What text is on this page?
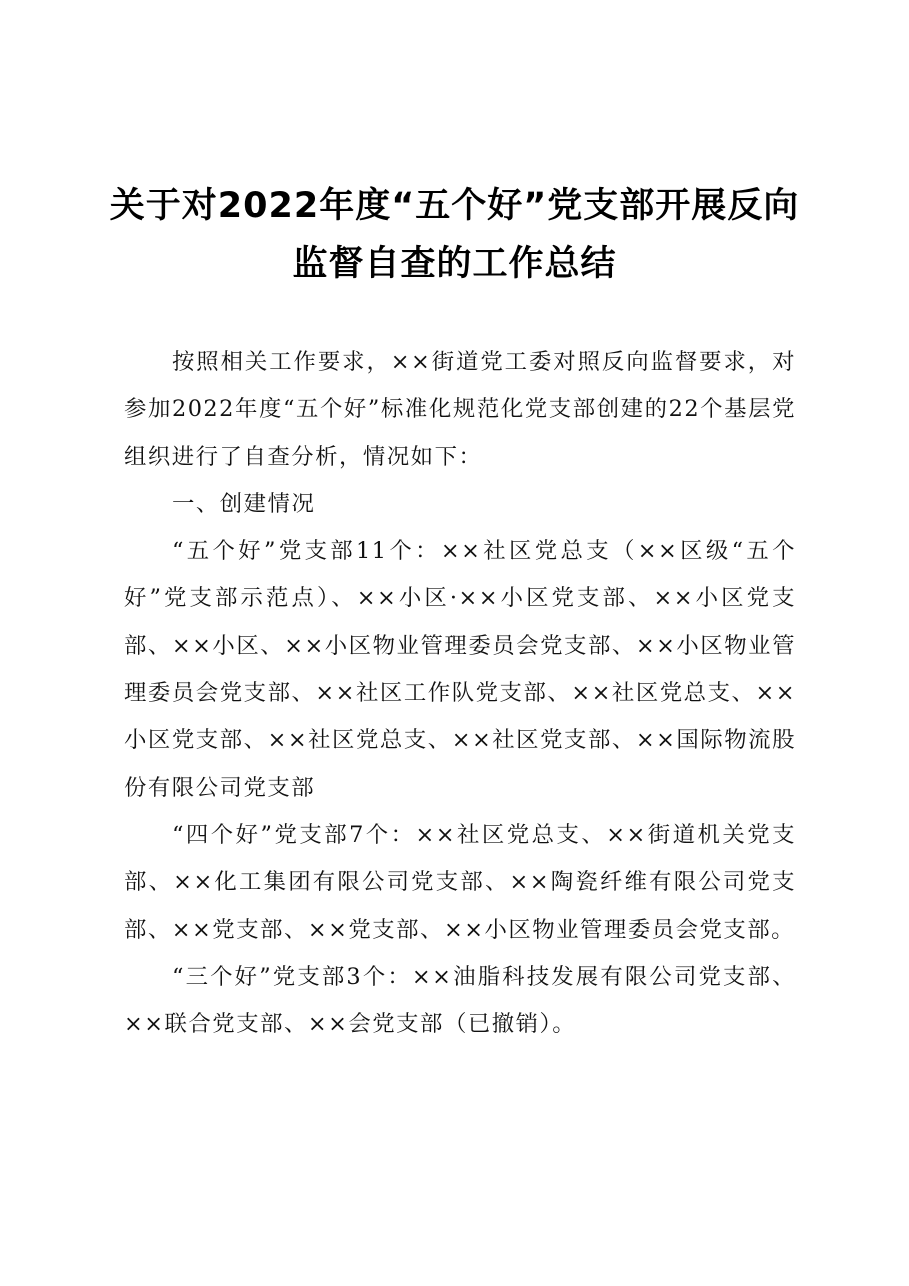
关于对2022年度“五个好”党支部开展反向
监督自查的工作总结

按照相关工作要求，××街道党工委对照反向监督要求，对参加2022年度“五个好”标准化规范化党支部创建的22个基层党组织进行了自查分析，情况如下：

一、创建情况

“五个好”党支部11个：××社区党总支（××区级“五个好”党支部示范点）、××小区·××小区党支部、××小区党支部、××小区、××小区物业管理委员会党支部、××小区物业管理委员会党支部、××社区工作队党支部、××社区党总支、××小区党支部、××社区党总支、××社区党支部、××国际物流股份有限公司党支部

“四个好”党支部7个：××社区党总支、××街道机关党支部、××化工集团有限公司党支部、××陶瓷纤维有限公司党支部、××党支部、××党支部、××小区物业管理委员会党支部。

“三个好”党支部3个：××油脂科技发展有限公司党支部、××联合党支部、××会党支部（已撤销）。
